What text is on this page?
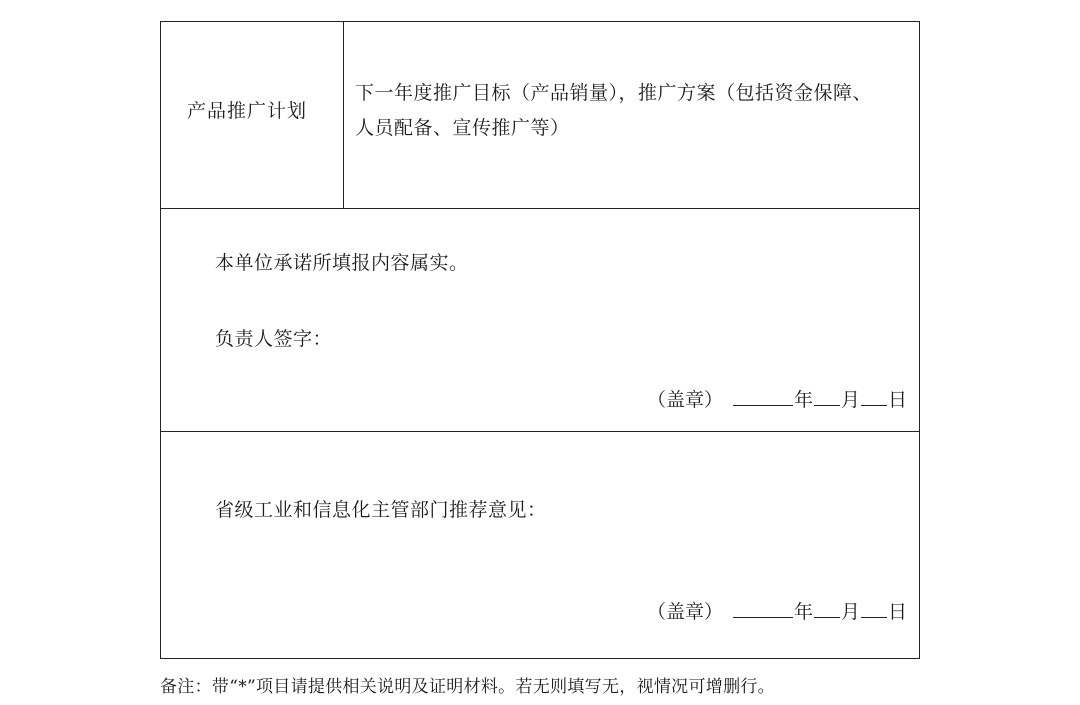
产品推广计划
下一年度推广目标（产品销量），推广方案（包括资金保障、
人员配备、宣传推广等）
本单位承诺所填报内容属实。
负责人签字：
（盖章）	年 月 日
省级工业和信息化主管部门推荐意见：
（盖章）	年 月 日
备注：带“*”项目请提供相关说明及证明材料。若无则填写无，视情况可增删行。
